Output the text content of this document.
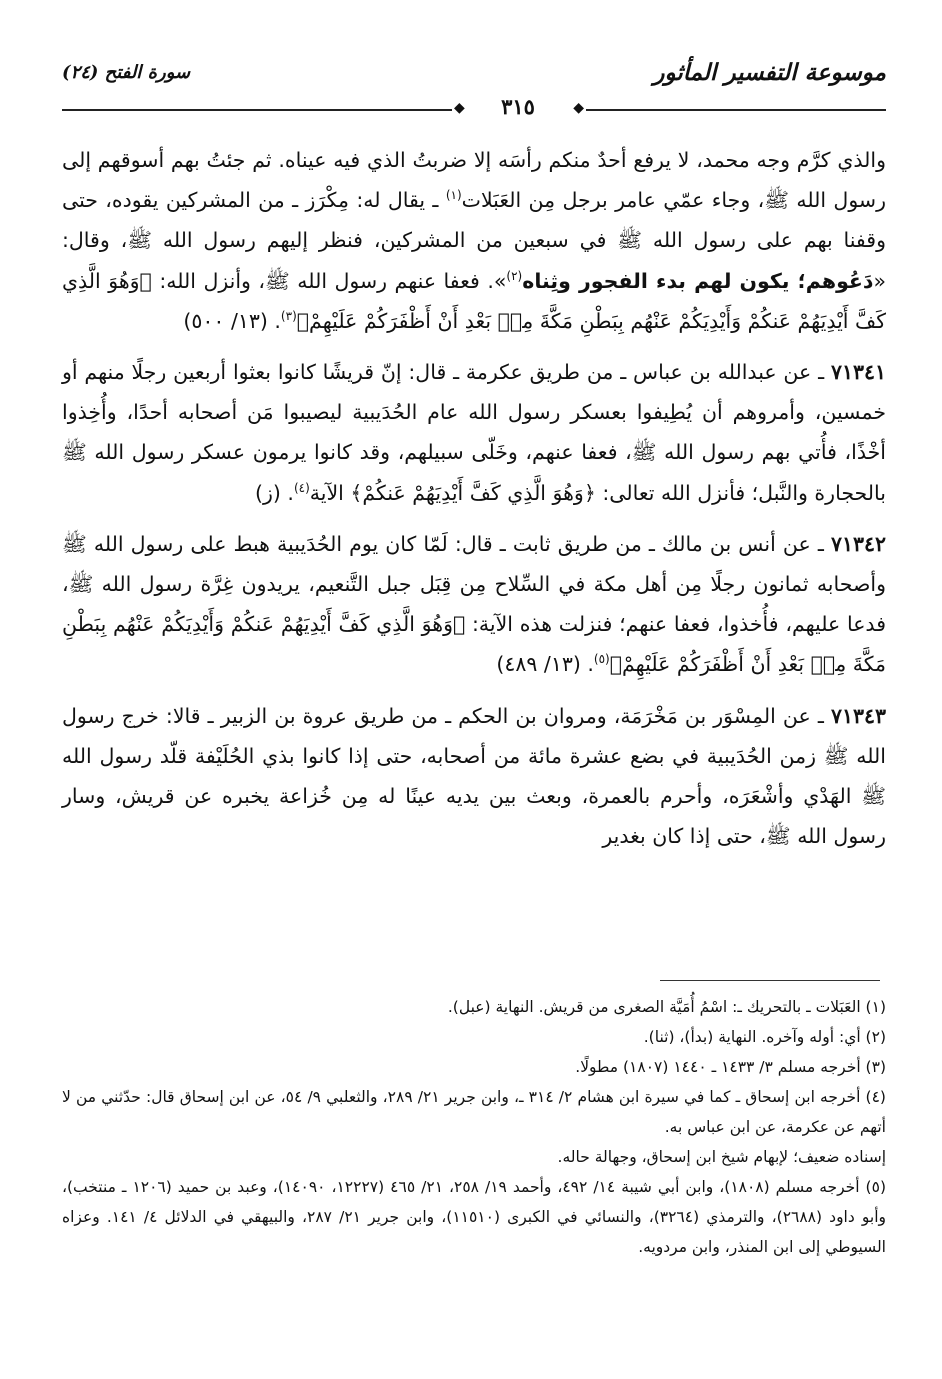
موسوعة التفسير المأثور
سورة الفتح (٢٤)
◆
٣١٥
◆

والذي كرَّم وجه محمد، لا يرفع أحدٌ منكم رأسَه إلا ضربتُ الذي فيه عيناه. ثم جئتُ بهم أسوقهم إلى رسول الله ﷺ، وجاء عمّي عامر برجل مِن العَبَلات$^{(١)}$ ـ يقال له: مِكْرَز ـ من المشركين يقوده، حتى وقفنا بهم على رسول الله ﷺ في سبعين من المشركين، فنظر إليهم رسول الله ﷺ، وقال: «دَعُوهم؛ يكون لهم بدء الفجور وثِناه$^{(٢)}$». فعفا عنهم رسول الله ﷺ، وأنزل الله: ﴿وَهُوَ الَّذِي كَفَّ أَيْدِيَهُمْ عَنكُمْ وَأَيْدِيَكُمْ عَنْهُم بِبَطْنِ مَكَّةَ مِنۢ بَعْدِ أَنْ أَظْفَرَكُمْ عَلَيْهِمْ﴾$^{(٣)}$. (١٣/ ٥٠٠)

٧١٣٤١ ـ عن عبدالله بن عباس ـ من طريق عكرمة ـ قال: إنّ قريشًا كانوا بعثوا أربعين رجلًا منهم أو خمسين، وأمروهم أن يُطِيفوا بعسكر رسول الله عام الحُدَيبية ليصيبوا مَن أصحابه أحدًا، وأُخِذوا أخْذًا، فأُتي بهم رسول الله ﷺ، فعفا عنهم، وخَلّى سبيلهم، وقد كانوا يرمون عسكر رسول الله ﷺ بالحجارة والنَّبل؛ فأنزل الله تعالى: ﴿وَهُوَ الَّذِي كَفَّ أَيْدِيَهُمْ عَنكُمْ﴾ الآية$^{(٤)}$. (ز)

٧١٣٤٢ ـ عن أنس بن مالك ـ من طريق ثابت ـ قال: لَمّا كان يوم الحُدَيبية هبط على رسول الله ﷺ وأصحابه ثمانون رجلًا مِن أهل مكة في السِّلاح مِن قِبَل جبل التَّنعيم، يريدون غِرَّة رسول الله ﷺ، فدعا عليهم، فأُخذوا، فعفا عنهم؛ فنزلت هذه الآية: ﴿وَهُوَ الَّذِي كَفَّ أَيْدِيَهُمْ عَنكُمْ وَأَيْدِيَكُمْ عَنْهُم بِبَطْنِ مَكَّةَ مِنۢ بَعْدِ أَنْ أَظْفَرَكُمْ عَلَيْهِمْ﴾$^{(٥)}$. (١٣/ ٤٨٩)

٧١٣٤٣ ـ عن المِسْوَر بن مَخْرَمَة، ومروان بن الحكم ـ من طريق عروة بن الزبير ـ قالا: خرج رسول الله ﷺ زمن الحُدَيبية في بضع عشرة مائة من أصحابه، حتى إذا كانوا بذي الحُلَيْفة قلّد رسول الله ﷺ الهَدْي وأشْعَرَه، وأحرم بالعمرة، وبعث بين يديه عينًا له مِن خُزاعة يخبره عن قريش، وسار رسول الله ﷺ، حتى إذا كان بغدير

(١) العَبَلات ـ بالتحريك ـ: اسْمُ أُمَيَّة الصغرى من قريش. النهاية (عبل).

(٢) أي: أوله وآخره. النهاية (بدأ)، (ثنا).

(٣) أخرجه مسلم ٣/ ١٤٣٣ ـ ١٤٤٠ (١٨٠٧) مطولًا.

(٤) أخرجه ابن إسحاق ـ كما في سيرة ابن هشام ٢/ ٣١٤ ـ، وابن جرير ٢١/ ٢٨٩، والثعلبي ٩/ ٥٤، عن ابن إسحاق قال: حدّثني من لا أتهم عن عكرمة، عن ابن عباس به.

إسناده ضعيف؛ لإبهام شيخ ابن إسحاق، وجهالة حاله.

(٥) أخرجه مسلم (١٨٠٨)، وابن أبي شيبة ١٤/ ٤٩٢، وأحمد ١٩/ ٢٥٨، ٢١/ ٤٦٥ (١٢٢٢٧، ١٤٠٩٠)، وعبد بن حميد (١٢٠٦ ـ منتخب)، وأبو داود (٢٦٨٨)، والترمذي (٣٢٦٤)، والنسائي في الكبرى (١١٥١٠)، وابن جرير ٢١/ ٢٨٧، والبيهقي في الدلائل ٤/ ١٤١. وعزاه السيوطي إلى ابن المنذر، وابن مردويه.
